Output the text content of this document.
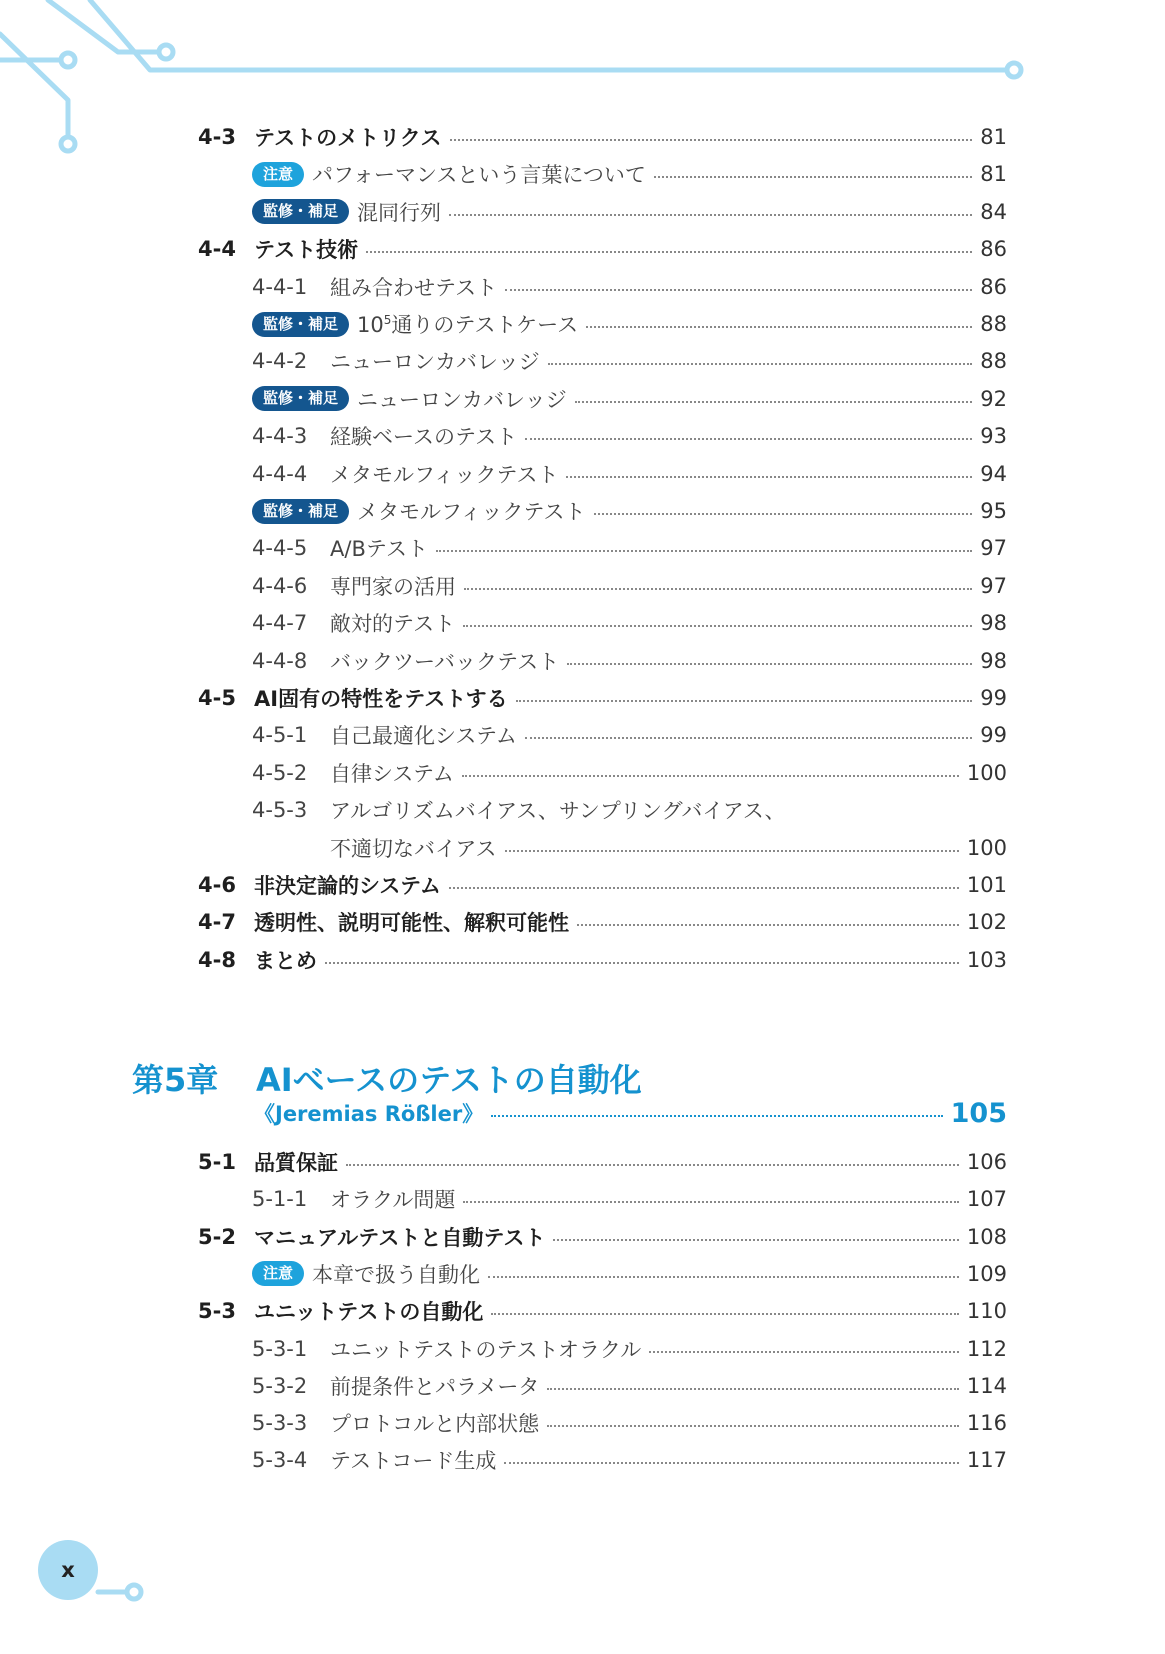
4-3 テストのメトリクス	81
注意 パフォーマンスという言葉について	81
監修・補足 混同行列	84
4-4 テスト技術	86
4-4-1	組み合わせテスト	86
監修・補足 $10^5$通りのテストケース	88
4-4-2	ニューロンカバレッジ	88
監修・補足 ニューロンカバレッジ	92
4-4-3	経験ベースのテスト	93
4-4-4	メタモルフィックテスト	94
監修・補足 メタモルフィックテスト	95
4-4-5	A/Bテスト	97
4-4-6	専門家の活用	97
4-4-7	敵対的テスト	98
4-4-8	バックツーバックテスト	98
4-5 AI固有の特性をテストする	99
4-5-1	自己最適化システム	99
4-5-2	自律システム	100
4-5-3	アルゴリズムバイアス、サンプリングバイアス、
不適切なバイアス	100
4-6 非決定論的システム	101
4-7 透明性、説明可能性、解釈可能性	102
4-8 まとめ	103
第5章 AIベースのテストの自動化
《Jeremias Rößler》	105
5-1 品質保証	106
5-1-1	オラクル問題	107
5-2 マニュアルテストと自動テスト	108
注意 本章で扱う自動化	109
5-3 ユニットテストの自動化	110
5-3-1	ユニットテストのテストオラクル	112
5-3-2	前提条件とパラメータ	114
5-3-3	プロトコルと内部状態	116
5-3-4	テストコード生成	117
x
